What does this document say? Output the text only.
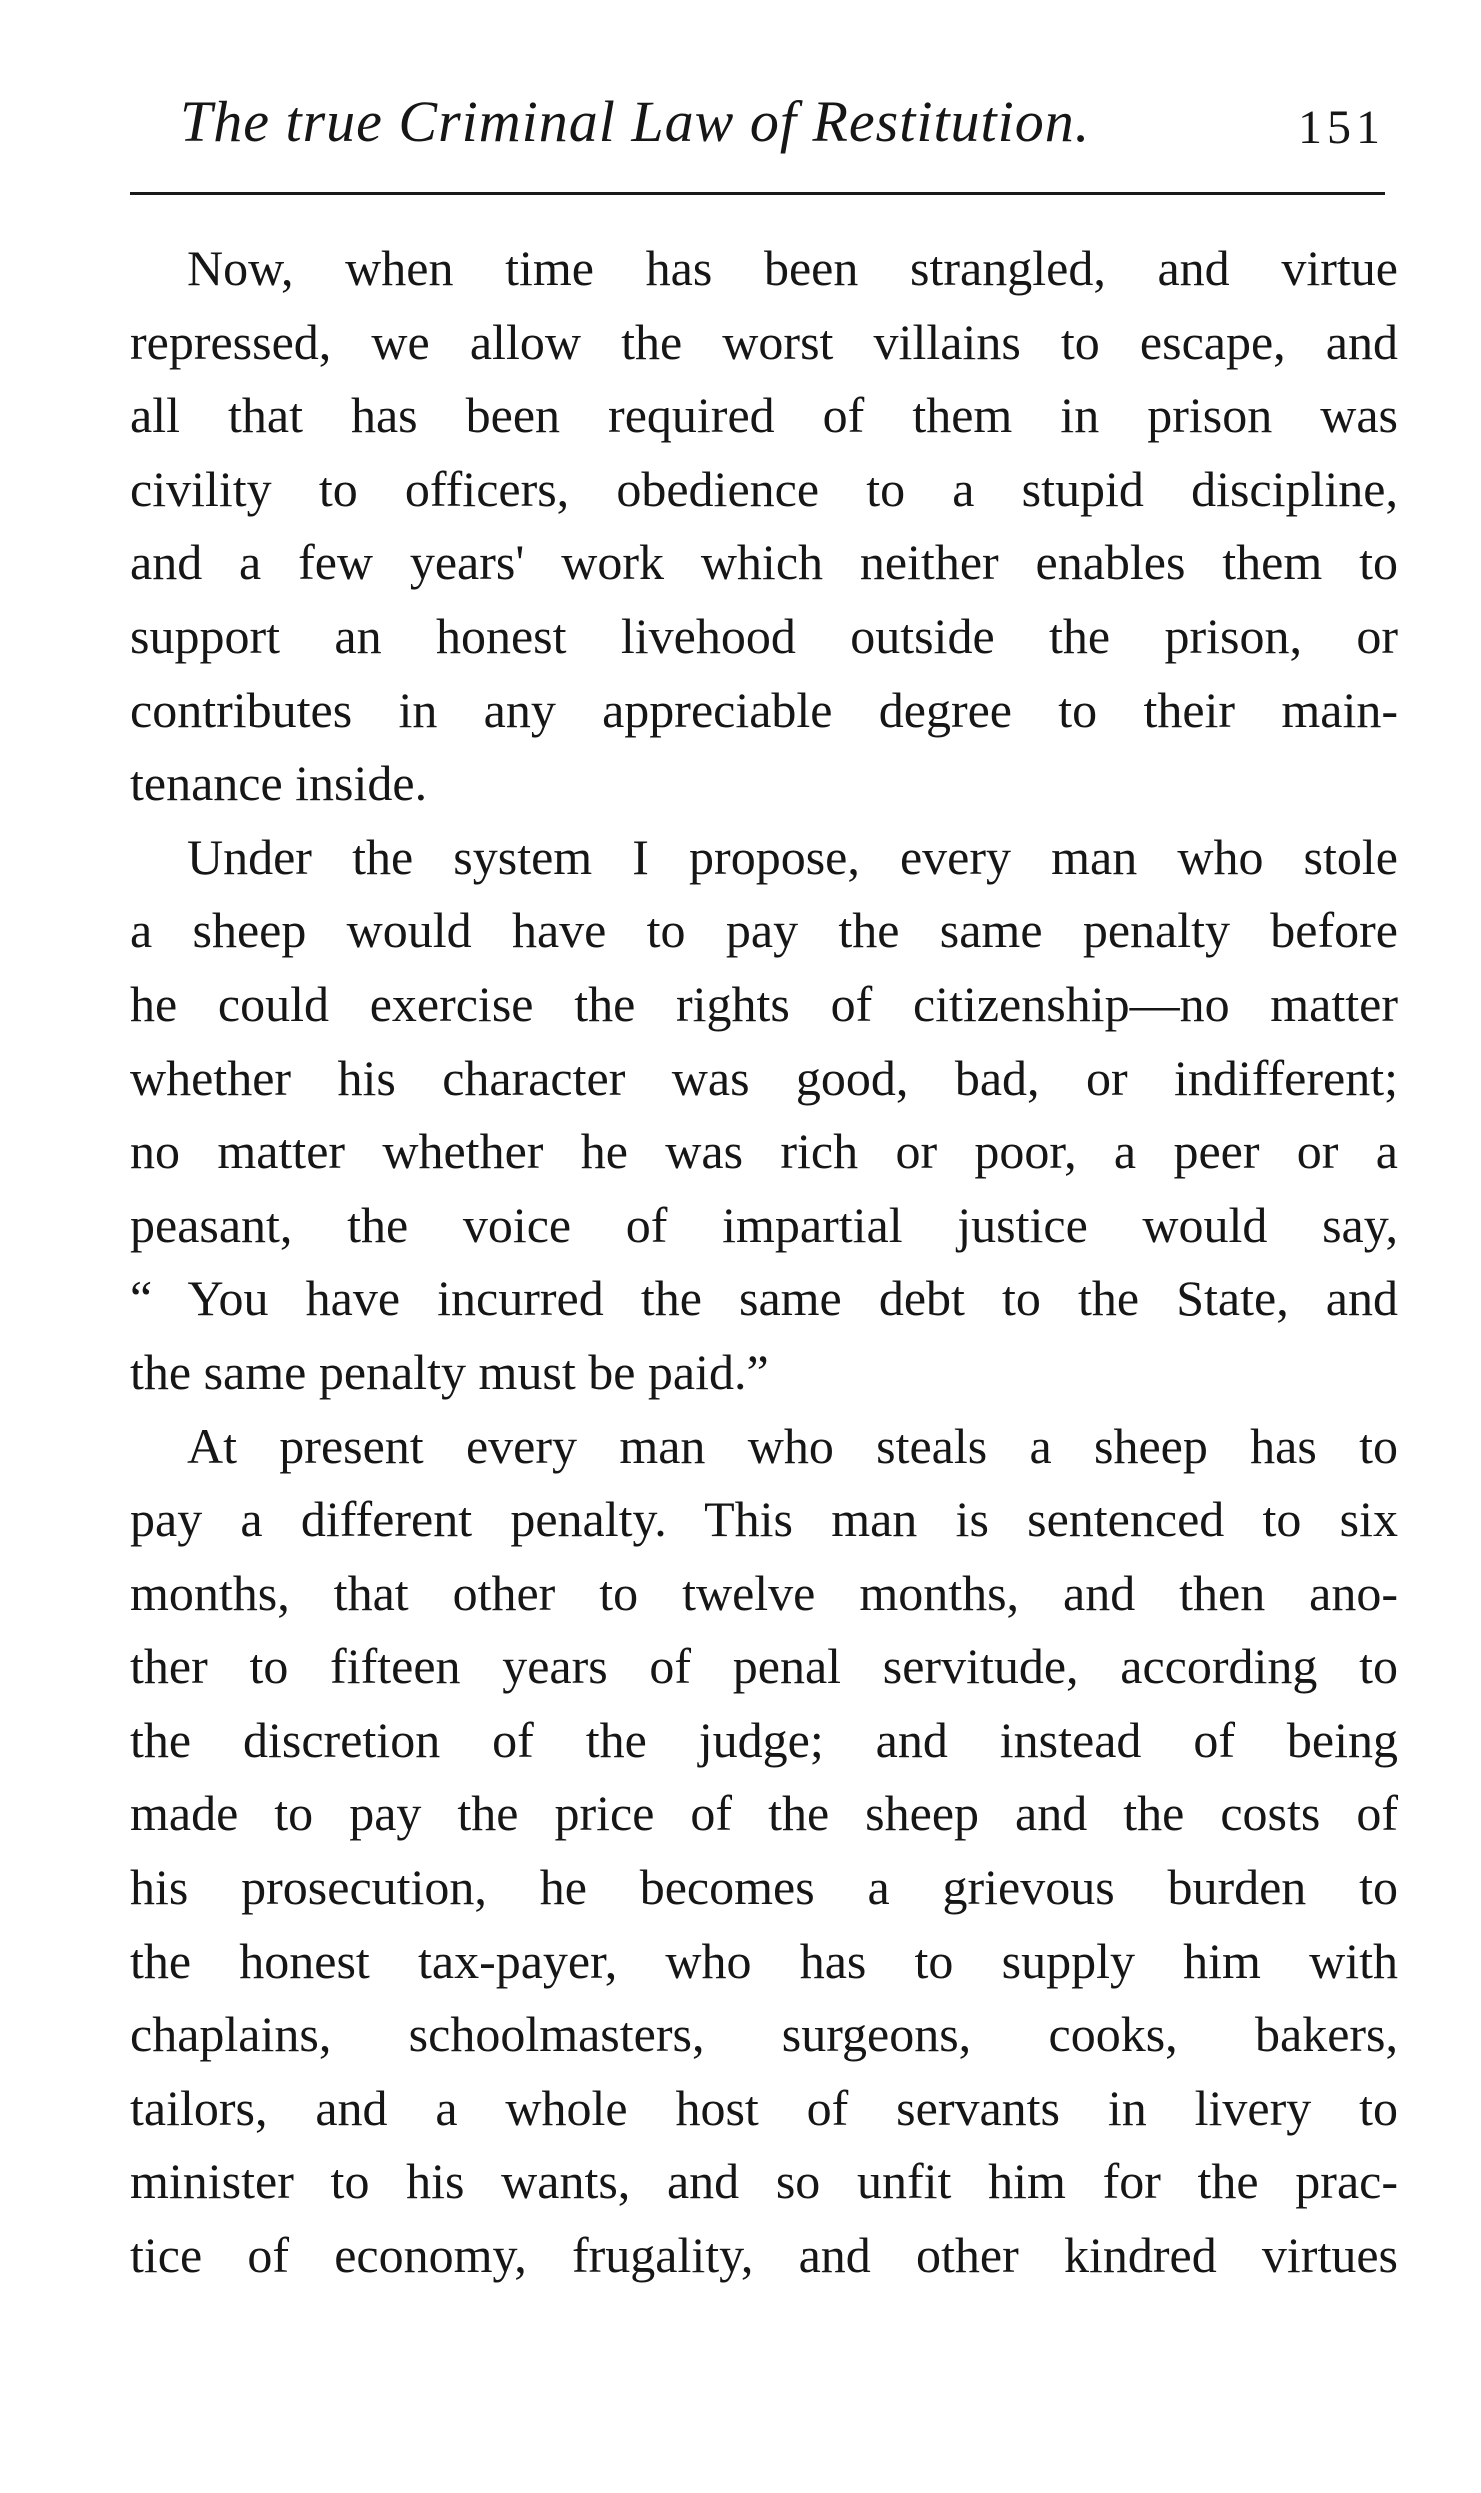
The true Criminal Law of Restitution.	151
Now, when time has been strangled, and virtue
repressed, we allow the worst villains to escape, and
all that has been required of them in prison was
civility to officers, obedience to a stupid discipline,
and a few years' work which neither enables them to
support an honest livehood outside the prison, or
contributes in any appreciable degree to their main-
tenance inside.
Under the system I propose, every man who stole
a sheep would have to pay the same penalty before
he could exercise the rights of citizenship—no matter
whether his character was good, bad, or indifferent;
no matter whether he was rich or poor, a peer or a
peasant, the voice of impartial justice would say,
“ You have incurred the same debt to the State, and
the same penalty must be paid.”
At present every man who steals a sheep has to
pay a different penalty. This man is sentenced to six
months, that other to twelve months, and then ano-
ther to fifteen years of penal servitude, according to
the discretion of the judge; and instead of being
made to pay the price of the sheep and the costs of
his prosecution, he becomes a grievous burden to
the honest tax-payer, who has to supply him with
chaplains, schoolmasters, surgeons, cooks, bakers,
tailors, and a whole host of servants in livery to
minister to his wants, and so unfit him for the prac-
tice of economy, frugality, and other kindred virtues
